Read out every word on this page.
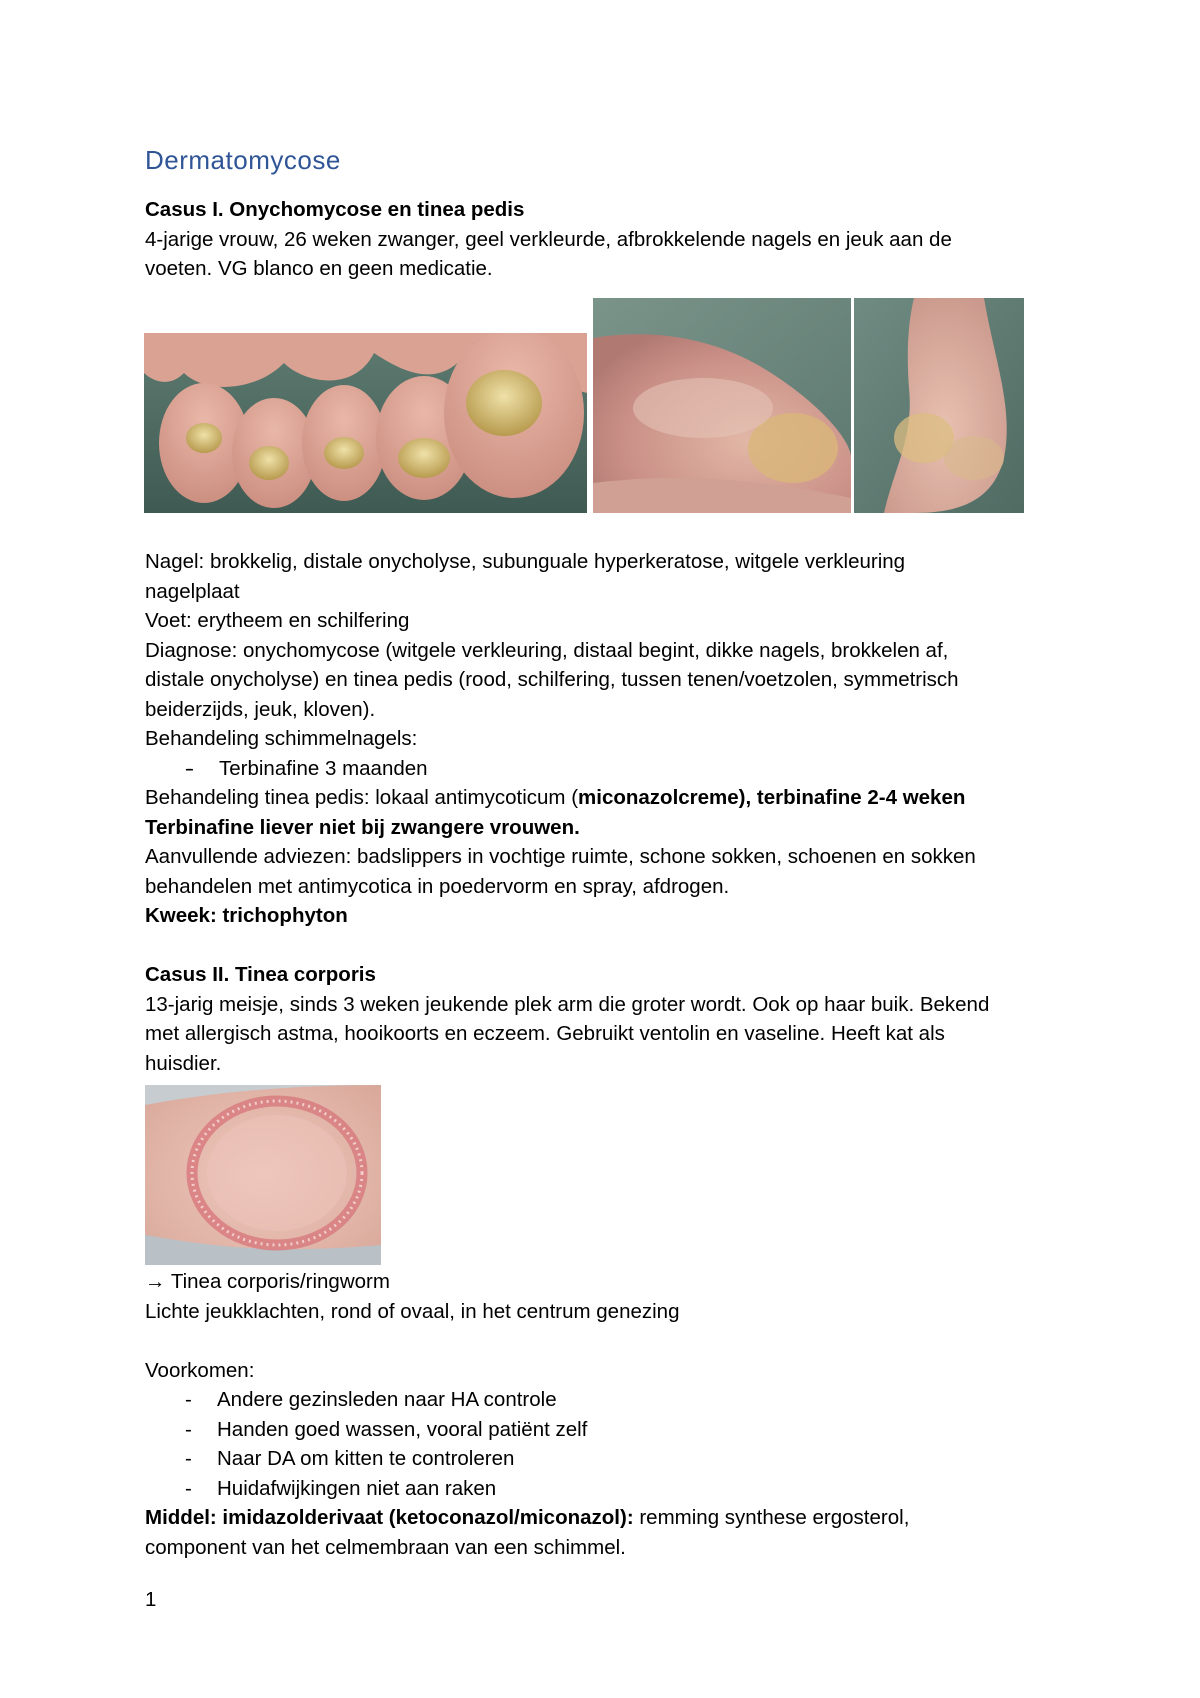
Dermatomycose

Casus I. Onychomycose en tinea pedis

4-jarige vrouw, 26 weken zwanger, geel verkleurde, afbrokkelende nagels en jeuk aan de

voeten. VG blanco en geen medicatie.

Nagel: brokkelig, distale onycholyse, subunguale hyperkeratose, witgele verkleuring

nagelplaat

Voet: erytheem en schilfering

Diagnose: onychomycose (witgele verkleuring, distaal begint, dikke nagels, brokkelen af,

distale onycholyse) en tinea pedis (rood, schilfering, tussen tenen/voetzolen, symmetrisch

beiderzijds, jeuk, kloven).

Behandeling schimmelnagels:

- - Terbinafine 3 maanden

Behandeling tinea pedis: lokaal antimycoticum (miconazolcreme), terbinafine 2-4 weken

Terbinafine liever niet bij zwangere vrouwen.

Aanvullende adviezen: badslippers in vochtige ruimte, schone sokken, schoenen en sokken

behandelen met antimycotica in poedervorm en spray, afdrogen.

Kweek: trichophyton

Casus II. Tinea corporis

13-jarig meisje, sinds 3 weken jeukende plek arm die groter wordt. Ook op haar buik. Bekend

met allergisch astma, hooikoorts en eczeem. Gebruikt ventolin en vaseline. Heeft kat als

huisdier.

→ Tinea corporis/ringworm

Lichte jeukklachten, rond of ovaal, in het centrum genezing

Voorkomen:

- Andere gezinsleden naar HA controle

- Handen goed wassen, vooral patiënt zelf

- Naar DA om kitten te controleren

- Huidafwijkingen niet aan raken

Middel: imidazolderivaat (ketoconazol/miconazol): remming synthese ergosterol,

component van het celmembraan van een schimmel.

1
